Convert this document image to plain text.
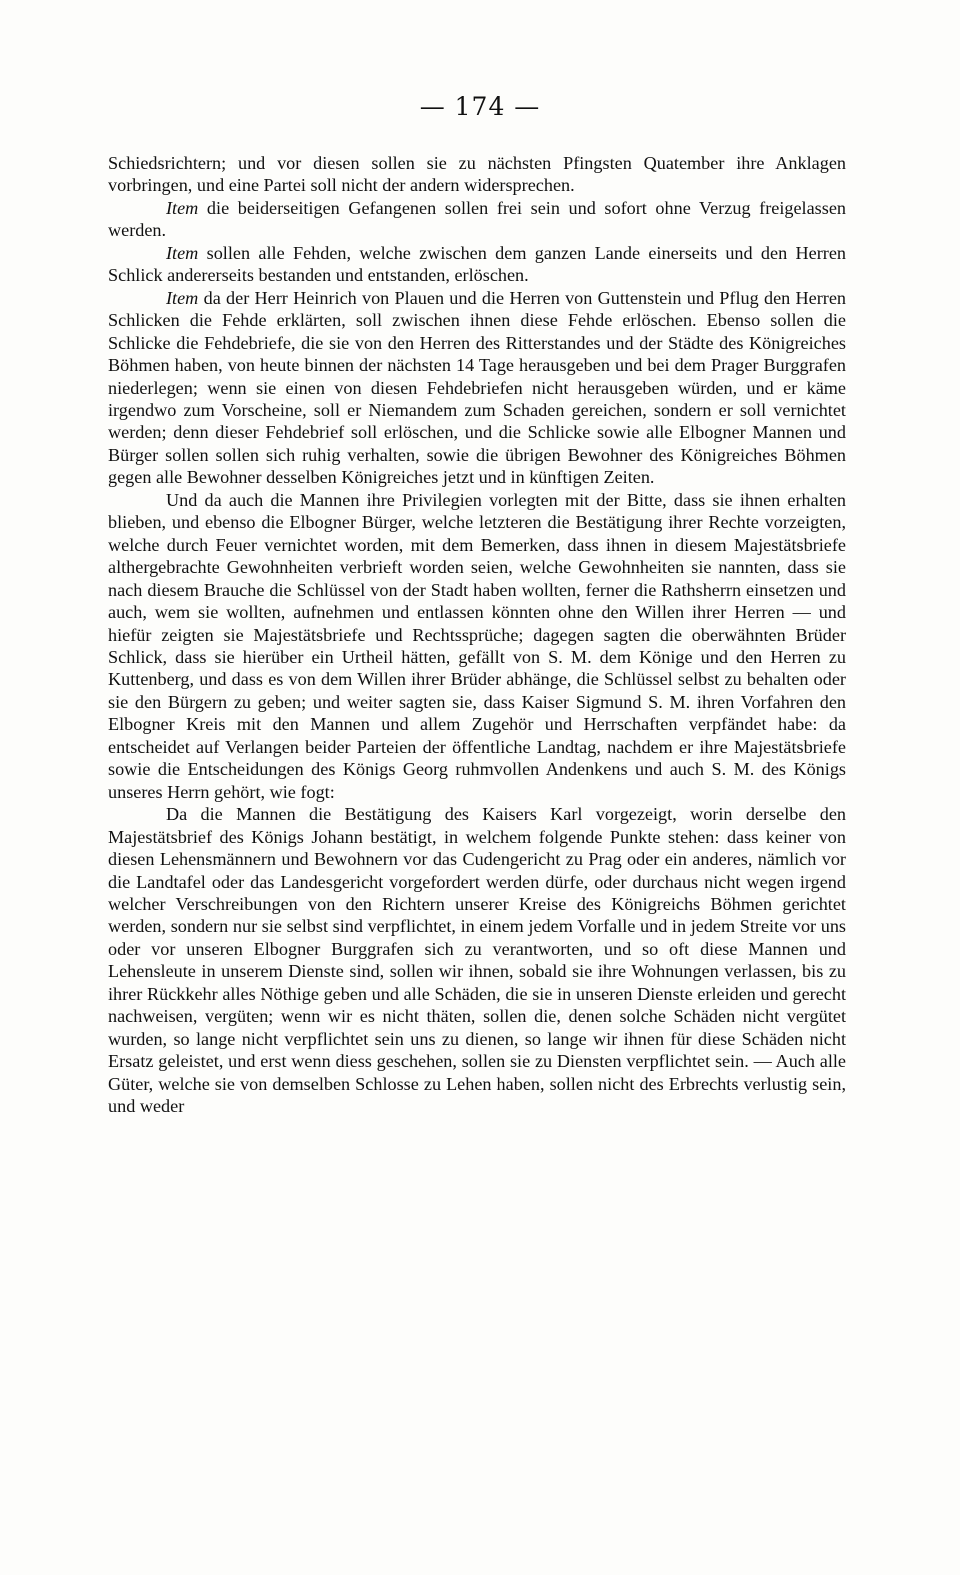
— 174 —

Schiedsrichtern; und vor diesen sollen sie zu nächsten Pfingsten Quatember ihre Anklagen vorbringen, und eine Partei soll nicht der andern widersprechen.

Item die beiderseitigen Gefangenen sollen frei sein und sofort ohne Verzug freigelassen werden.

Item sollen alle Fehden, welche zwischen dem ganzen Lande einerseits und den Herren Schlick andererseits bestanden und entstanden, erlöschen.

Item da der Herr Heinrich von Plauen und die Herren von Guttenstein und Pflug den Herren Schlicken die Fehde erklärten, soll zwischen ihnen diese Fehde erlöschen. Ebenso sollen die Schlicke die Fehdebriefe, die sie von den Herren des Ritterstandes und der Städte des Königreiches Böhmen haben, von heute binnen der nächsten 14 Tage herausgeben und bei dem Prager Burggrafen niederlegen; wenn sie einen von diesen Fehdebriefen nicht herausgeben würden, und er käme irgendwo zum Vorscheine, soll er Niemandem zum Schaden gereichen, sondern er soll vernichtet werden; denn dieser Fehdebrief soll erlöschen, und die Schlicke sowie alle Elbogner Mannen und Bürger sollen sollen sich ruhig verhalten, sowie die übrigen Bewohner des Königreiches Böhmen gegen alle Bewohner desselben Königreiches jetzt und in künftigen Zeiten.

Und da auch die Mannen ihre Privilegien vorlegten mit der Bitte, dass sie ihnen erhalten blieben, und ebenso die Elbogner Bürger, welche letzteren die Bestätigung ihrer Rechte vorzeigten, welche durch Feuer vernichtet worden, mit dem Bemerken, dass ihnen in diesem Majestätsbriefe althergebrachte Gewohnheiten verbrieft worden seien, welche Gewohnheiten sie nannten, dass sie nach diesem Brauche die Schlüssel von der Stadt haben wollten, ferner die Rathsherrn einsetzen und auch, wem sie wollten, aufnehmen und entlassen könnten ohne den Willen ihrer Herren — und hiefür zeigten sie Majestätsbriefe und Rechtssprüche; dagegen sagten die oberwähnten Brüder Schlick, dass sie hierüber ein Urtheil hätten, gefällt von S. M. dem Könige und den Herren zu Kuttenberg, und dass es von dem Willen ihrer Brüder abhänge, die Schlüssel selbst zu behalten oder sie den Bürgern zu geben; und weiter sagten sie, dass Kaiser Sigmund S. M. ihren Vorfahren den Elbogner Kreis mit den Mannen und allem Zugehör und Herrschaften verpfändet habe: da entscheidet auf Verlangen beider Parteien der öffentliche Landtag, nachdem er ihre Majestätsbriefe sowie die Entscheidungen des Königs Georg ruhmvollen Andenkens und auch S. M. des Königs unseres Herrn gehört, wie fogt:

Da die Mannen die Bestätigung des Kaisers Karl vorgezeigt, worin derselbe den Majestätsbrief des Königs Johann bestätigt, in welchem folgende Punkte stehen: dass keiner von diesen Lehensmännern und Bewohnern vor das Cudengericht zu Prag oder ein anderes, nämlich vor die Landtafel oder das Landesgericht vorgefordert werden dürfe, oder durchaus nicht wegen irgend welcher Verschreibungen von den Richtern unserer Kreise des Königreichs Böhmen gerichtet werden, sondern nur sie selbst sind verpflichtet, in einem jedem Vorfalle und in jedem Streite vor uns oder vor unseren Elbogner Burggrafen sich zu verantworten, und so oft diese Mannen und Lehensleute in unserem Dienste sind, sollen wir ihnen, sobald sie ihre Wohnungen verlassen, bis zu ihrer Rückkehr alles Nöthige geben und alle Schäden, die sie in unseren Dienste erleiden und gerecht nachweisen, vergüten; wenn wir es nicht thäten, sollen die, denen solche Schäden nicht vergütet wurden, so lange nicht verpflichtet sein uns zu dienen, so lange wir ihnen für diese Schäden nicht Ersatz geleistet, und erst wenn diess geschehen, sollen sie zu Diensten verpflichtet sein. — Auch alle Güter, welche sie von demselben Schlosse zu Lehen haben, sollen nicht des Erbrechts verlustig sein, und weder
